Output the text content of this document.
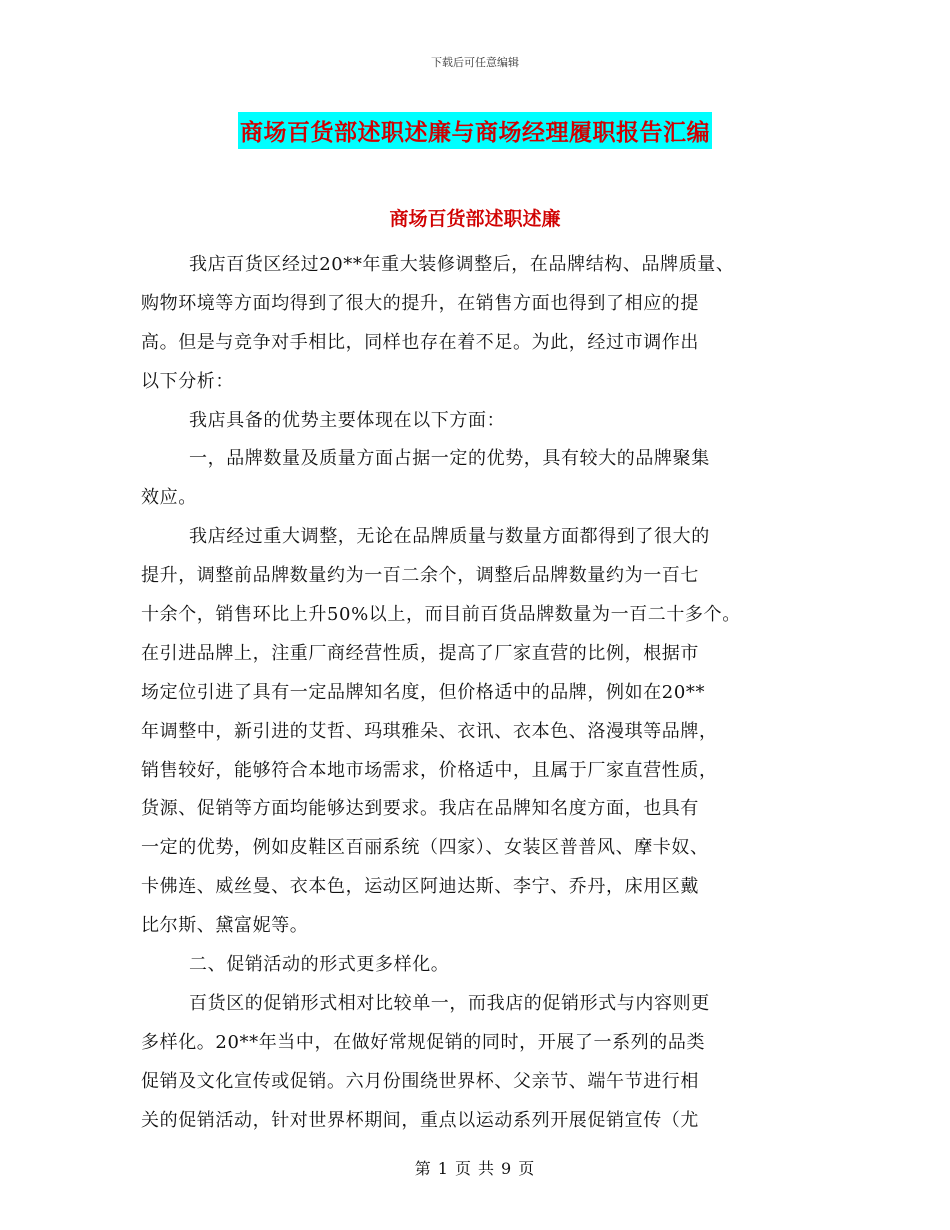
下载后可任意编辑
商场百货部述职述廉与商场经理履职报告汇编
商场百货部述职述廉
我店百货区经过20**年重大装修调整后，在品牌结构、品牌质量、
购物环境等方面均得到了很大的提升，在销售方面也得到了相应的提
高。但是与竞争对手相比，同样也存在着不足。为此，经过市调作出
以下分析：
我店具备的优势主要体现在以下方面：
一，品牌数量及质量方面占据一定的优势，具有较大的品牌聚集
效应。
我店经过重大调整，无论在品牌质量与数量方面都得到了很大的
提升，调整前品牌数量约为一百二余个，调整后品牌数量约为一百七
十余个，销售环比上升50%以上，而目前百货品牌数量为一百二十多个。
在引进品牌上，注重厂商经营性质，提高了厂家直营的比例，根据市
场定位引进了具有一定品牌知名度，但价格适中的品牌，例如在20**
年调整中，新引进的艾哲、玛琪雅朵、衣讯、衣本色、洛漫琪等品牌，
销售较好，能够符合本地市场需求，价格适中，且属于厂家直营性质，
货源、促销等方面均能够达到要求。我店在品牌知名度方面，也具有
一定的优势，例如皮鞋区百丽系统（四家）、女装区普普风、摩卡奴、
卡佛连、威丝曼、衣本色，运动区阿迪达斯、李宁、乔丹，床用区戴
比尔斯、黛富妮等。
二、促销活动的形式更多样化。
百货区的促销形式相对比较单一，而我店的促销形式与内容则更
多样化。20**年当中，在做好常规促销的同时，开展了一系列的品类
促销及文化宣传或促销。六月份围绕世界杯、父亲节、端午节进行相
关的促销活动，针对世界杯期间，重点以运动系列开展促销宣传（尤
第 1 页 共 9 页
